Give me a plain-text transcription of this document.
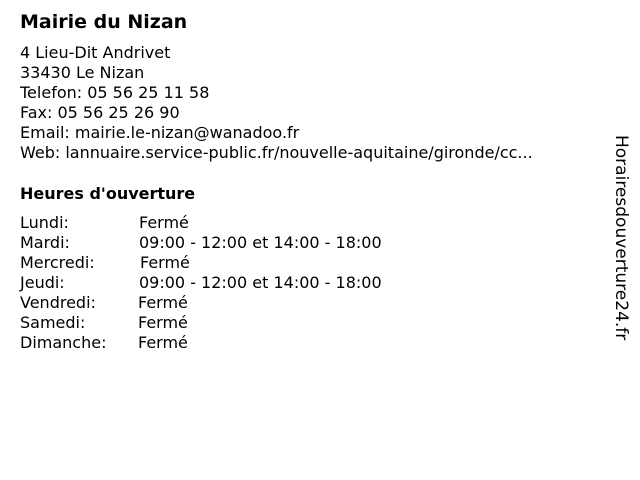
Mairie du Nizan
4 Lieu-Dit Andrivet
33430 Le Nizan
Telefon: 05 56 25 11 58
Fax: 05 56 25 26 90
Email: mairie.le-nizan@wanadoo.fr
Web: lannuaire.service-public.fr/nouvelle-aquitaine/gironde/cc...
Heures d'ouverture
Lundi:	Fermé
Mardi:	09:00 - 12:00 et 14:00 - 18:00
Mercredi:	Fermé
Jeudi:	09:00 - 12:00 et 14:00 - 18:00
Vendredi:	Fermé
Samedi:	Fermé
Dimanche: Fermé
Horairesdouverture24.fr
